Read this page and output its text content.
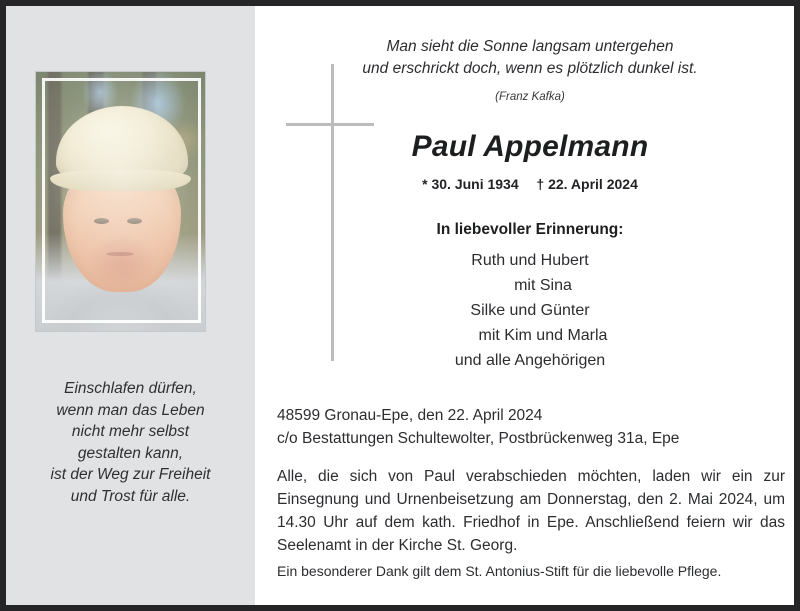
Einschlafen dürfen,
wenn man das Leben
nicht mehr selbst
gestalten kann,
ist der Weg zur Freiheit
und Trost für alle.
Man sieht die Sonne langsam untergehen
und erschrickt doch, wenn es plötzlich dunkel ist.
(Franz Kafka)
Paul Appelmann
* 30. Juni 1934 † 22. April 2024
In liebevoller Erinnerung:
Ruth und Hubert
mit Sina
Silke und Günter
mit Kim und Marla
und alle Angehörigen
48599 Gronau-Epe, den 22. April 2024
c/o Bestattungen Schultewolter, Postbrückenweg 31a, Epe
Alle, die sich von Paul verabschieden möchten, laden wir ein zur Einsegnung und Urnenbeisetzung am Donnerstag, den 2. Mai 2024, um 14.30 Uhr auf dem kath. Friedhof in Epe. Anschließend feiern wir das Seelenamt in der Kirche St. Georg.
Ein besonderer Dank gilt dem St. Antonius-Stift für die liebevolle Pflege.
